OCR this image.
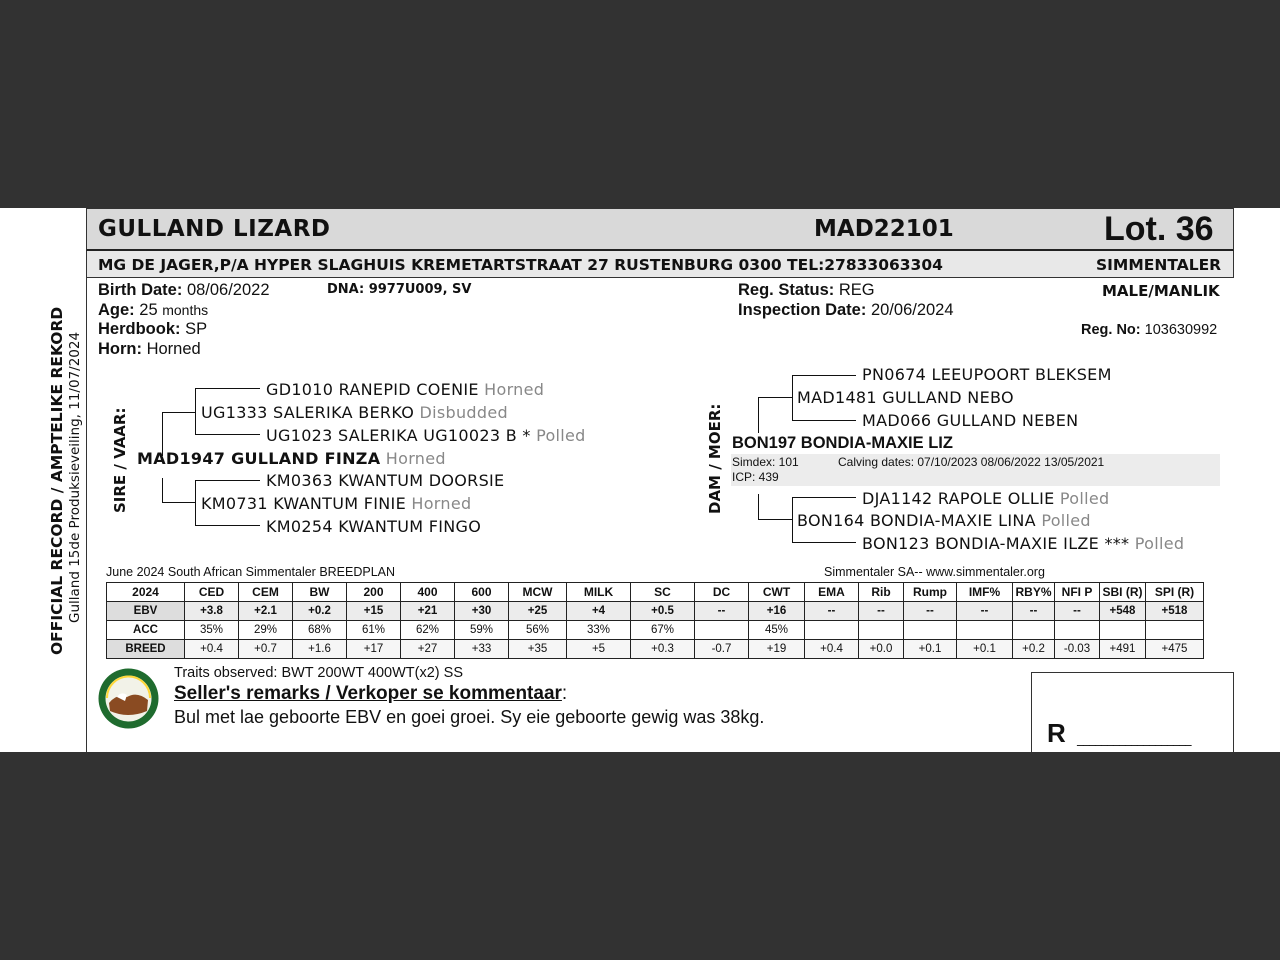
GULLAND LIZARD	MAD22101	Lot. 36
MG DE JAGER,P/A HYPER SLAGHUIS KREMETARTSTRAAT 27 RUSTENBURG 0300 TEL:27833063304	SIMMENTALER
Birth Date: 08/06/2022	DNA: 9977U009, SV
Age: 25 months
Herdbook: SP
Horn: Horned
Reg. Status: REG
Inspection Date: 20/06/2024
MALE/MANLIK
Reg. No: 103630992
OFFICIAL RECORD / AMPTELIKE REKORD Gulland 15de Produksieveiling, 11/07/2024 SIRE / VAAR:	DAM / MOER:
GD1010 RANEPID COENIE Horned
UG1333 SALERIKA BERKO Disbudded
UG1023 SALERIKA UG10023 B * Polled
MAD1947 GULLAND FINZA Horned
KM0363 KWANTUM DOORSIE
KM0731 KWANTUM FINIE Horned
KM0254 KWANTUM FINGO
PN0674 LEEUPOORT BLEKSEM
MAD1481 GULLAND NEBO
MAD066 GULLAND NEBEN
BON197 BONDIA-MAXIE LIZ
Simdex: 101	Calving dates: 07/10/2023 08/06/2022 13/05/2021
ICP: 439
DJA1142 RAPOLE OLLIE Polled
BON164 BONDIA-MAXIE LINA Polled
BON123 BONDIA-MAXIE ILZE *** Polled
June 2024 South African Simmentaler BREEDPLAN	Simmentaler SA-- www.simmentaler.org
2024	CED	CEM	BW	200	400	600	MCW	MILK	SC	DC	CWT	EMA	Rib	Rump	IMF%	RBY%	NFI P	SBI (R)	SPI (R)
EBV	+3.8	+2.1	+0.2	+15	+21	+30	+25	+4	+0.5	--	+16	--	--	--	--	--	--	+548	+518
ACC	35%	29%	68%	61%	62%	59%	56%	33%	67%		45%								
BREED	+0.4	+0.7	+1.6	+17	+27	+33	+35	+5	+0.3	-0.7	+19	+0.4	+0.0	+0.1	+0.1	+0.2	-0.03	+491	+475
Traits observed: BWT 200WT 400WT(x2) SS
Seller's remarks / Verkoper se kommentaar:
Bul met lae geboorte EBV en goei groei. Sy eie geboorte gewig was 38kg.
R ___________________
